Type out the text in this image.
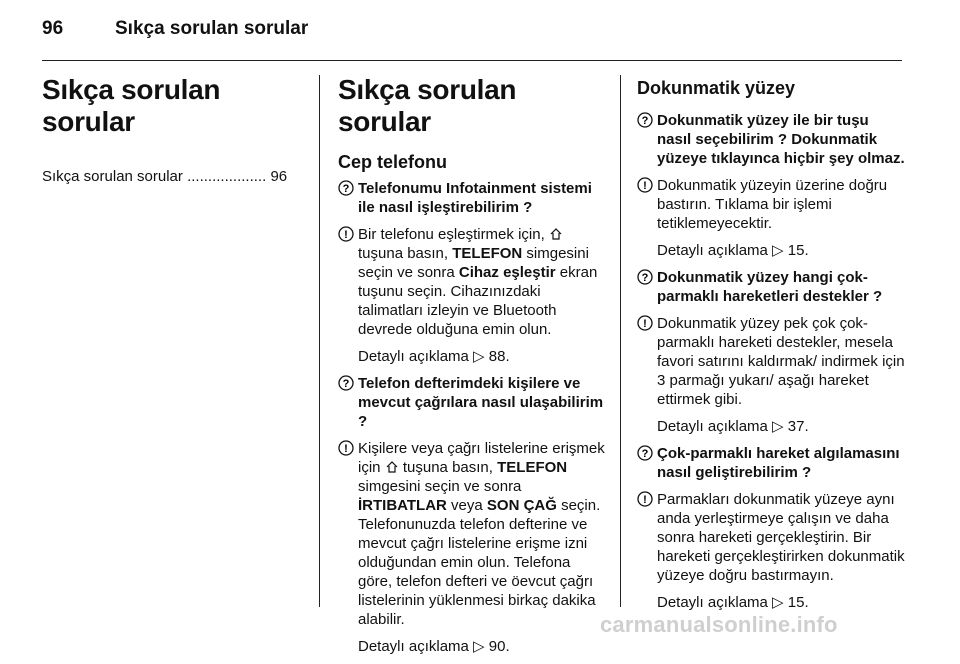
96	Sıkça sorulan sorular
Sıkça sorulan sorular
Sıkça sorulan sorular ................... 96
Sıkça sorulan sorular
Cep telefonu
? Telefonumu Infotainment sistemi ile nasıl işleştirebilirim ?
! Bir telefonu eşleştirmek için,  tuşuna basın, TELEFON simgesini seçin ve sonra Cihaz eşleştir ekran tuşunu seçin. Cihazınızdaki talimatları izleyin ve Bluetooth devrede olduğuna emin olun.
Detaylı açıklama
▷
88.
? Telefon defterimdeki kişilere ve mevcut çağrılara nasıl ulaşabilirim ?
! Kişilere veya çağrı listelerine erişmek için tuşuna basın, TELEFON simgesini seçin ve sonra İRTIBATLAR veya SON ÇAĞ seçin. Telefonunuzda telefon defterine ve mevcut çağrı listelerine erişme izni olduğundan emin olun. Telefona göre, telefon defteri ve öevcut çağrı listelerinin yüklenmesi birkaç dakika alabilir.
Detaylı açıklama
▷
90.
Dokunmatik yüzey
? Dokunmatik yüzey ile bir tuşu nasıl seçebilirim ? Dokunmatik yüzeye tıklayınca hiçbir şey olmaz.
! Dokunmatik yüzeyin üzerine doğru bastırın. Tıklama bir işlemi tetiklemeyecektir.
Detaylı açıklama
▷
15.
? Dokunmatik yüzey hangi çok-parmaklı hareketleri destekler ?
! Dokunmatik yüzey pek çok çok-parmaklı hareketi destekler, mesela favori satırını kaldırmak/ indirmek için 3 parmağı yukarı/ aşağı hareket ettirmek gibi.
Detaylı açıklama
▷
37.
? Çok-parmaklı hareket algılamasını nasıl geliştirebilirim ?
! Parmakları dokunmatik yüzeye aynı anda yerleştirmeye çalışın ve daha sonra hareketi gerçekleştirin. Bir hareketi gerçekleştirirken dokunmatik yüzeye doğru bastırmayın.
Detaylı açıklama
▷
15.
carmanualsonline.info
